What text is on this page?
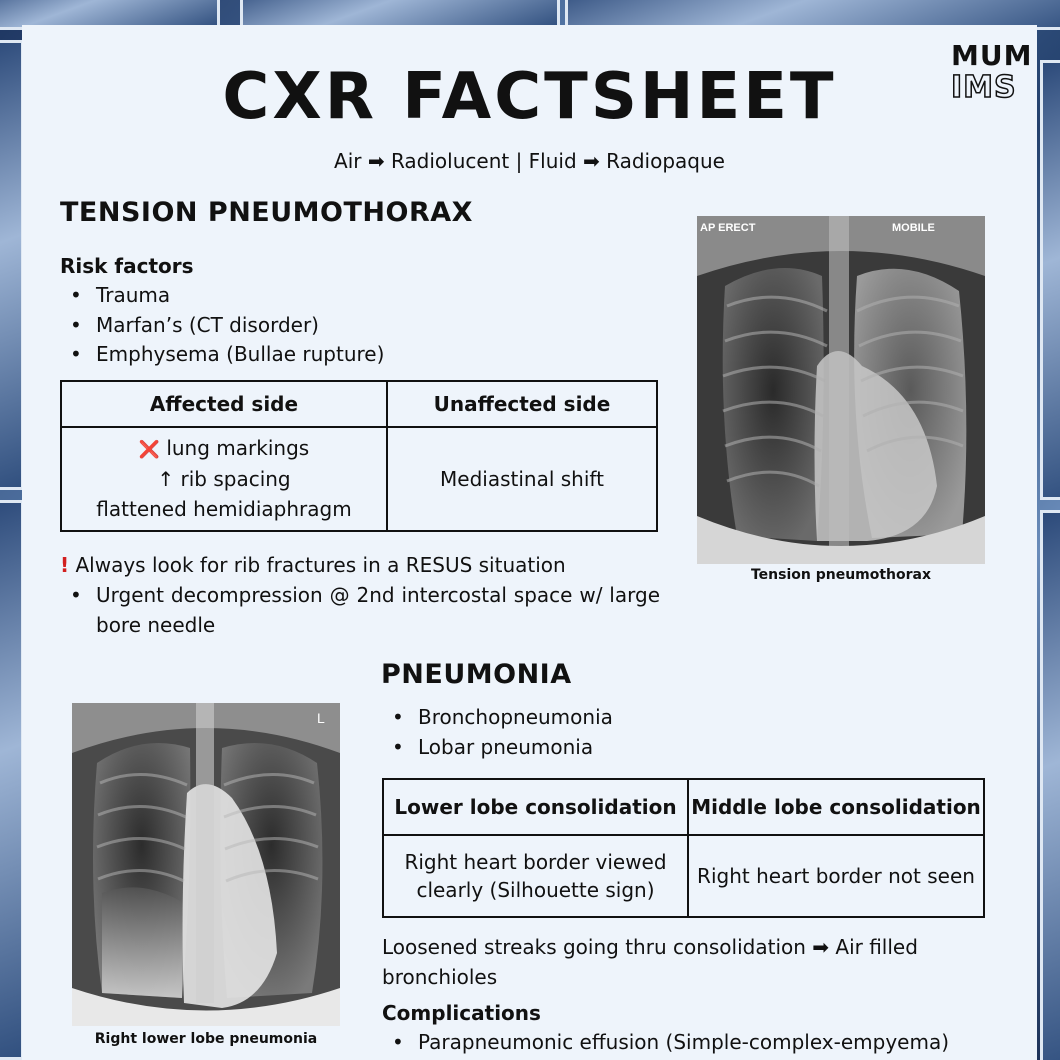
MUM
IMS
CXR FACTSHEET
Air ➡ Radiolucent | Fluid ➡ Radiopaque
TENSION PNEUMOTHORAX
Risk factors
• Trauma
• Marfan’s (CT disorder)
• Emphysema (Bullae rupture)
Affected side	Unaffected side

❌ lung markings
↑ rib spacing
flattened hemidiaphragm	Mediastinal shift
! Always look for rib fractures in a RESUS situation
• Urgent decompression @ 2nd intercostal space w/ large bore needle
AP ERECT	MOBILE
Tension pneumothorax
PNEUMONIA
• Bronchopneumonia
• Lobar pneumonia
Lower lobe consolidation	Middle lobe consolidation
Right heart border viewed clearly (Silhouette sign)	Right heart border not seen
Loosened streaks going thru consolidation ➡ Air filled bronchioles
Complications
• Parapneumonic effusion (Simple-complex-empyema)
L
Right lower lobe pneumonia
